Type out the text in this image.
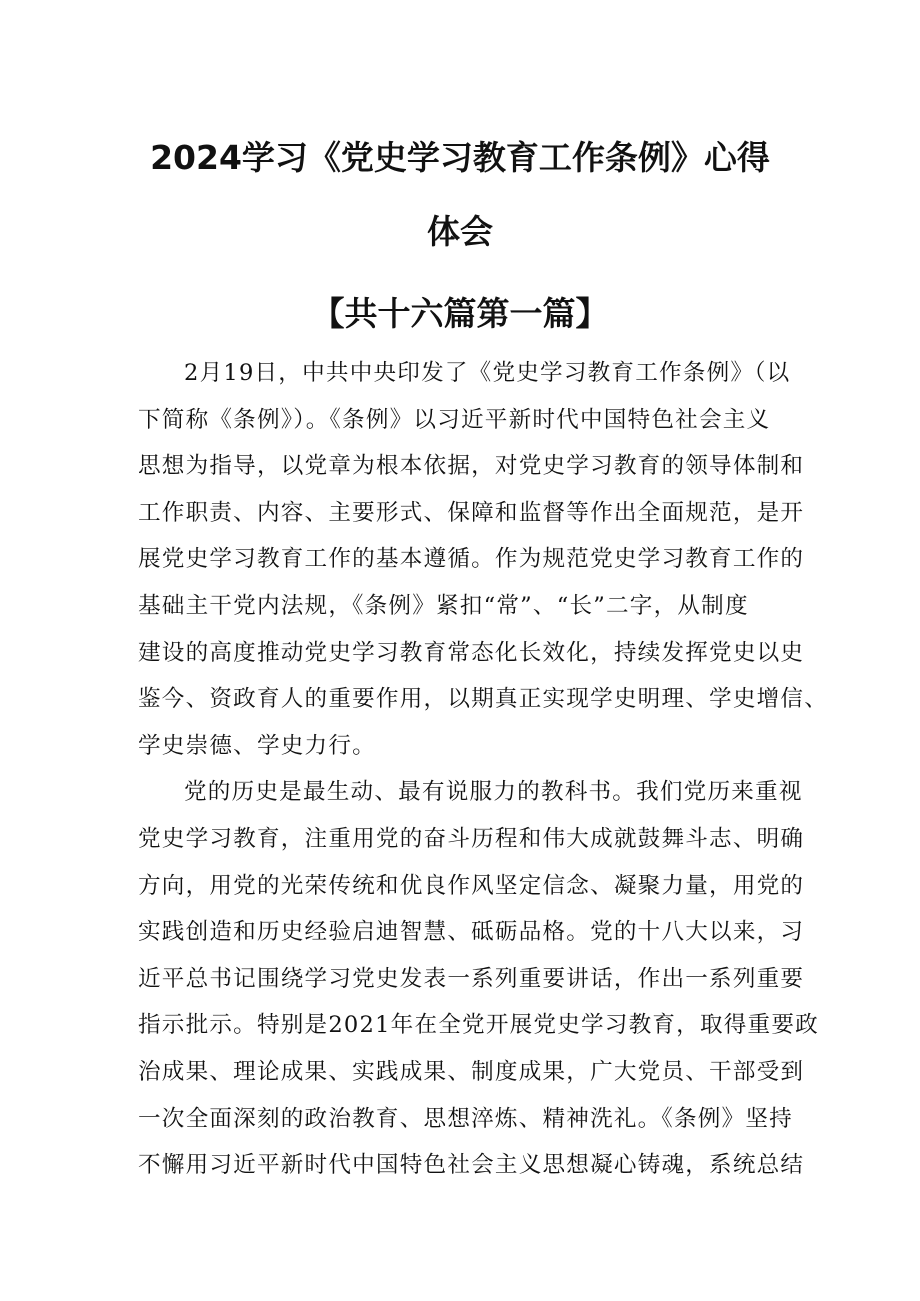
2024学习《党史学习教育工作条例》心得
体会
【共十六篇第一篇】
2月19日，中共中央印发了《党史学习教育工作条例》（以
下简称《条例》）。《条例》以习近平新时代中国特色社会主义
思想为指导，以党章为根本依据，对党史学习教育的领导体制和
工作职责、内容、主要形式、保障和监督等作出全面规范，是开
展党史学习教育工作的基本遵循。作为规范党史学习教育工作的
基础主干党内法规，《条例》紧扣“常”、“长”二字，从制度
建设的高度推动党史学习教育常态化长效化，持续发挥党史以史
鉴今、资政育人的重要作用，以期真正实现学史明理、学史增信、
学史崇德、学史力行。
党的历史是最生动、最有说服力的教科书。我们党历来重视
党史学习教育，注重用党的奋斗历程和伟大成就鼓舞斗志、明确
方向，用党的光荣传统和优良作风坚定信念、凝聚力量，用党的
实践创造和历史经验启迪智慧、砥砺品格。党的十八大以来，习
近平总书记围绕学习党史发表一系列重要讲话，作出一系列重要
指示批示。特别是2021年在全党开展党史学习教育，取得重要政
治成果、理论成果、实践成果、制度成果，广大党员、干部受到
一次全面深刻的政治教育、思想淬炼、精神洗礼。《条例》坚持
不懈用习近平新时代中国特色社会主义思想凝心铸魂，系统总结
